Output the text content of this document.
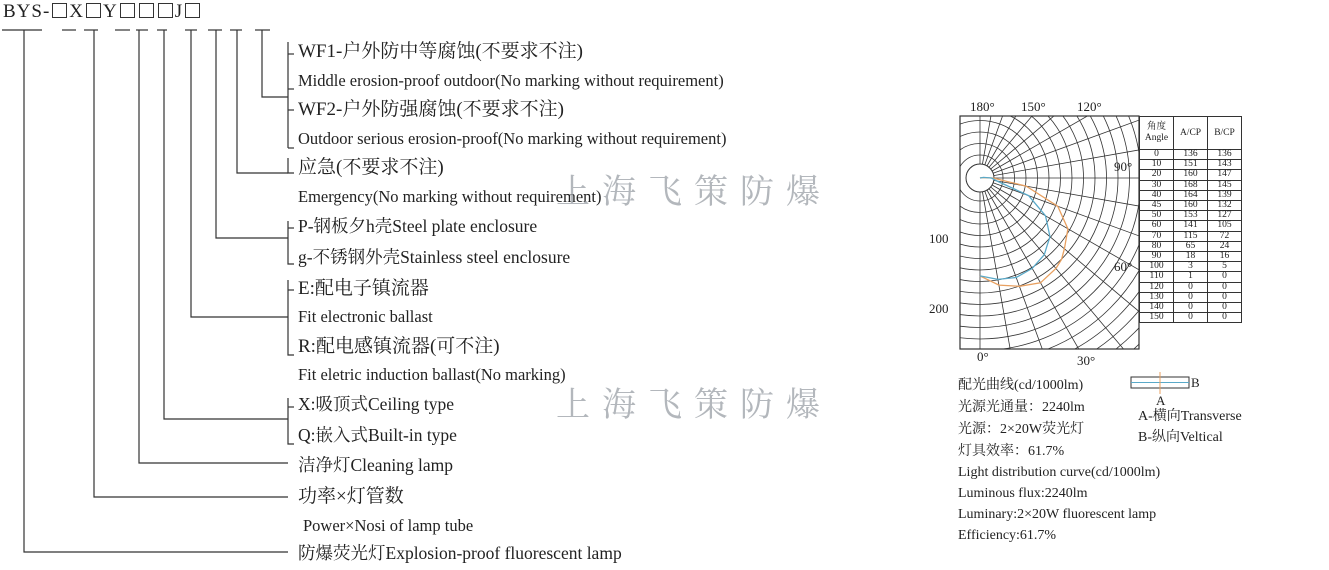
BYS- X Y	J
WF1-户外防中等腐蚀(不要求不注)
Middle erosion-proof outdoor(No marking without requirement)
WF2-户外防强腐蚀(不要求不注)
Outdoor serious erosion-proof(No marking without requirement)
应急(不要求不注)
Emergency(No marking without requirement)
P-钢板夕h壳Steel plate enclosure
g-不锈钢外壳Stainless steel enclosure
E:配电子镇流器
Fit electronic ballast
R:配电感镇流器(可不注)
Fit eletric induction ballast(No marking)
X:吸顶式Ceiling type
Q:嵌入式Built-in type
洁净灯Cleaning lamp
功率×灯管数
Power×Nosi of lamp tube
防爆荧光灯Explosion-proof fluorescent lamp
上海飞策防爆
上海飞策防爆
180° 150° 120°
90°
60°
0°	30°
100
200
角度 Angle	A/CP	B/CP
0	136	136
10	151	143
20	160	147
30	168	145
40	164	139
45	160	132
50	153	127
60	141	105
70	115	72
80	65	24
90	18	16
100	3	5
110	1	0
120	0	0
130	0	0
140	0	0
150	0	0
B
A
A-横向Transverse
B-纵向Veltical
配光曲线(cd/1000lm)
光源光通量：2240lm
光源：2×20W荧光灯
灯具效率：61.7%
Light distribution curve(cd/1000lm)
Luminous flux:2240lm
Luminary:2×20W fluorescent lamp
Efficiency:61.7%
